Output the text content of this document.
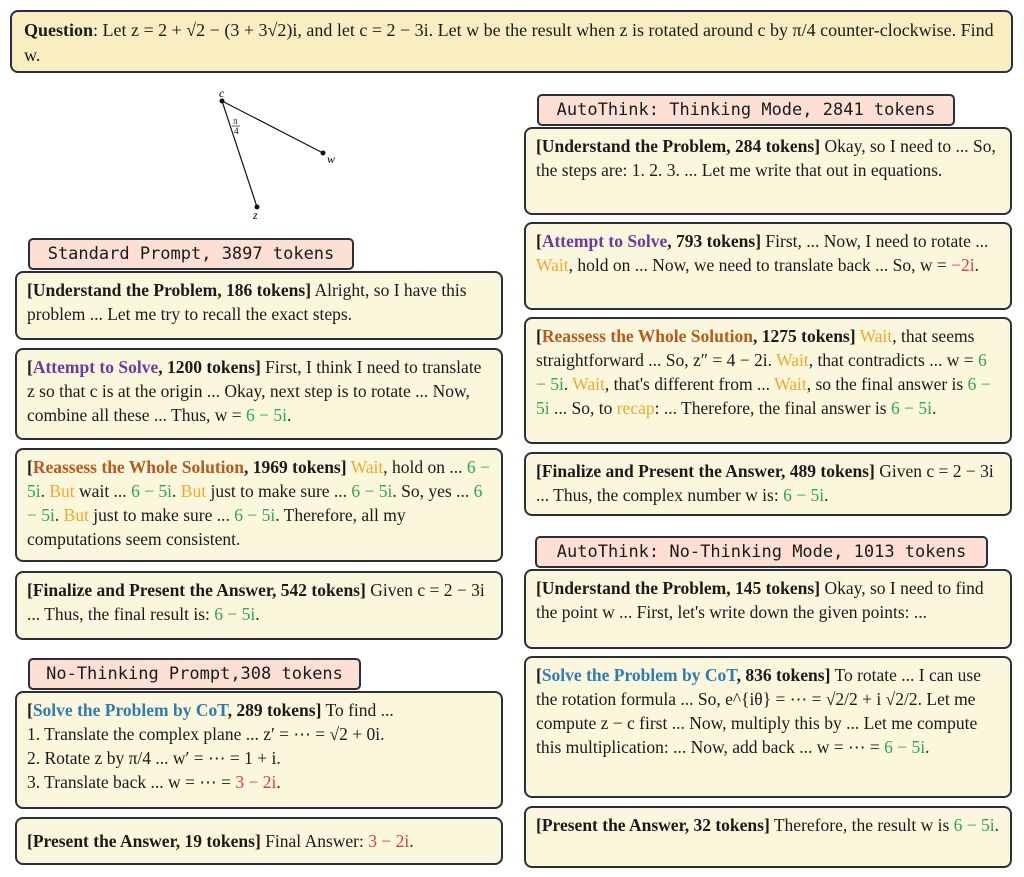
Question: Let z = 2 + √2 − (3 + 3√2)i, and let c = 2 − 3i. Let w be the result when z is rotated around c by π/4 counter-clockwise. Find w.
c
w
z
π
4
Standard Prompt, 3897 tokens
[Understand the Problem, 186 tokens] Alright, so I have this problem ... Let me try to recall the exact steps.
[Attempt to Solve, 1200 tokens] First, I think I need to translate z so that c is at the origin ... Okay, next step is to rotate ... Now, combine all these ... Thus, w = 6 − 5i.
[Reassess the Whole Solution, 1969 tokens] Wait, hold on ... 6 − 5i. But wait ... 6 − 5i. But just to make sure ... 6 − 5i. So, yes ... 6 − 5i. But just to make sure ... 6 − 5i. Therefore, all my computations seem consistent.
[Finalize and Present the Answer, 542 tokens] Given c = 2 − 3i ... Thus, the final result is: 6 − 5i.
No-Thinking Prompt,308 tokens
[Solve the Problem by CoT, 289 tokens] To find ...
1. Translate the complex plane ... z′ = ⋯ = √2 + 0i.
2. Rotate z by π/4 ... w′ = ⋯ = 1 + i.
3. Translate back ... w = ⋯ = 3 − 2i.
[Present the Answer, 19 tokens] Final Answer: 3 − 2i.
AutoThink: Thinking Mode, 2841 tokens
[Understand the Problem, 284 tokens] Okay, so I need to ... So, the steps are: 1. 2. 3. ... Let me write that out in equations.
[Attempt to Solve, 793 tokens] First, ... Now, I need to rotate ... Wait, hold on ... Now, we need to translate back ... So, w = −2i.
[Reassess the Whole Solution, 1275 tokens] Wait, that seems straightforward ... So, z″ = 4 − 2i. Wait, that contradicts ... w = 6 − 5i. Wait, that's different from ... Wait, so the final answer is 6 − 5i ... So, to recap: ... Therefore, the final answer is 6 − 5i.
[Finalize and Present the Answer, 489 tokens] Given c = 2 − 3i ... Thus, the complex number w is: 6 − 5i.
AutoThink: No-Thinking Mode, 1013 tokens
[Understand the Problem, 145 tokens] Okay, so I need to find the point w ... First, let's write down the given points: ...
[Solve the Problem by CoT, 836 tokens] To rotate ... I can use the rotation formula ... So, e^{iθ} = ⋯ = √2/2 + i √2/2. Let me compute z − c first ... Now, multiply this by ... Let me compute this multiplication: ... Now, add back ... w = ⋯ = 6 − 5i.
[Present the Answer, 32 tokens] Therefore, the result w is 6 − 5i.
